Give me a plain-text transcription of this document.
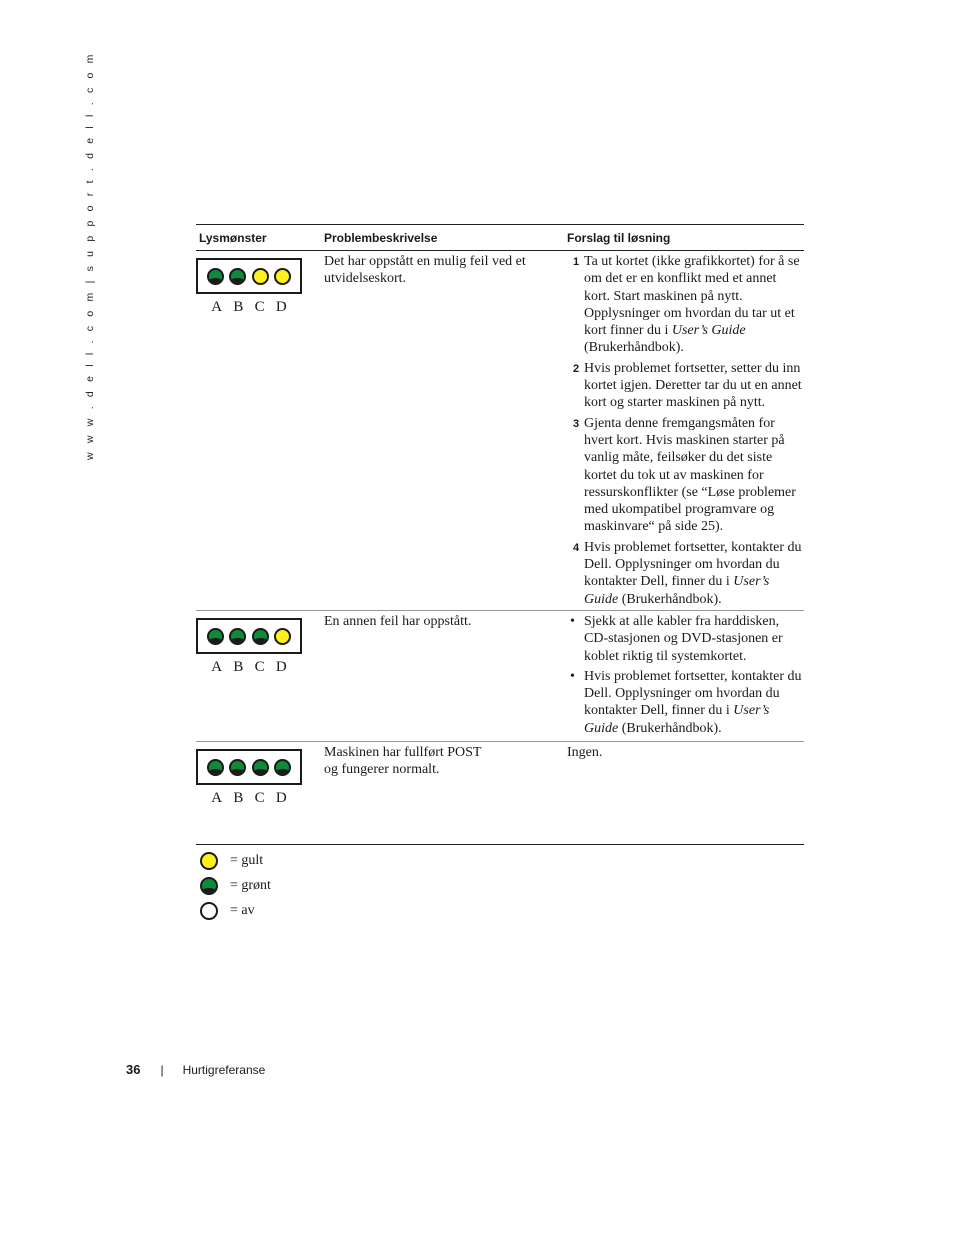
w w w . d e l l . c o m | s u p p o r t . d e l l . c o m	Lysmønster	Problembeskrivelse	Forslag til løsning
A B C D
Det har oppstått en mulig feil ved et utvidelseskort.
1 Ta ut kortet (ikke grafikkortet) for å se om det er en konflikt med et annet kort. Start maskinen på nytt. Opplysninger om hvordan du tar ut et kort finner du i User’s Guide (Brukerhåndbok).
2 Hvis problemet fortsetter, setter du inn kortet igjen. Deretter tar du ut en annet kort og starter maskinen på nytt.
3 Gjenta denne fremgangsmåten for hvert kort. Hvis maskinen starter på vanlig måte, feilsøker du det siste kortet du tok ut av maskinen for ressurskonflikter (se “Løse problemer med ukompatibel programvare og maskinvare“ på side 25).
4 Hvis problemet fortsetter, kontakter du Dell. Opplysninger om hvordan du kontakter Dell, finner du i User’s Guide (Brukerhåndbok).
A B C D
En annen feil har oppstått.
•	Sjekk at alle kabler fra harddisken, CD-stasjonen og DVD-stasjonen er koblet riktig til systemkortet.
• Hvis problemet fortsetter, kontakter du Dell. Opplysninger om hvordan du kontakter Dell, finner du i User’s Guide (Brukerhåndbok).
A B C D
Maskinen har fullført POST og fungerer normalt.
Ingen.
= gult
= grønt
= av
36 | Hurtigreferanse
